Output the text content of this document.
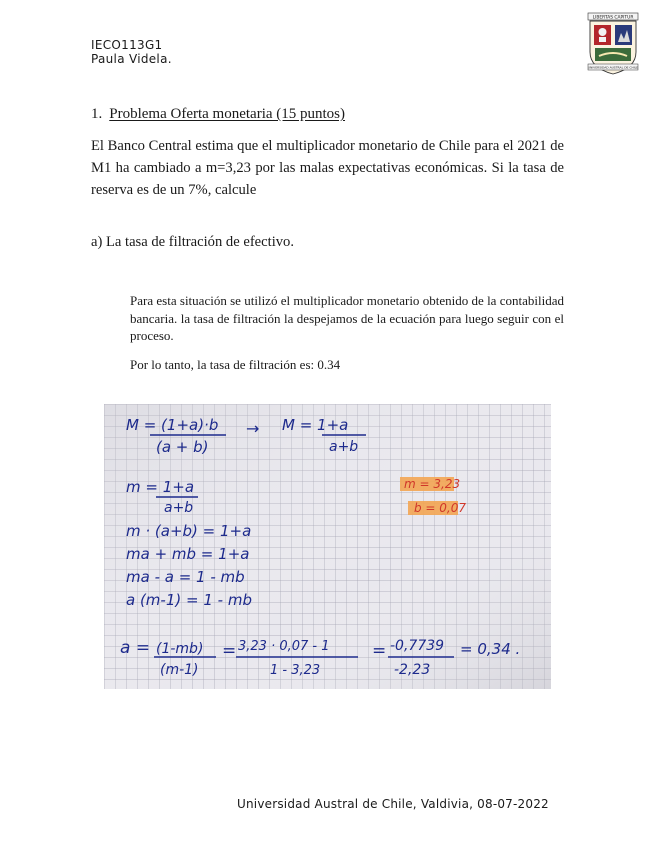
IECO113G1
Paula Videla.
LIBERTAS CAPITUR
UNIVERSIDAD AUSTRAL DE CHILE
1. Problema Oferta monetaria (15 puntos)
El Banco Central estima que el multiplicador monetario de Chile para el 2021 de M1 ha cambiado a m=3,23 por las malas expectativas económicas. Si la tasa de reserva es de un 7%, calcule
a) La tasa de filtración de efectivo.
Para esta situación se utilizó el multiplicador monetario obtenido de la contabilidad bancaria. la tasa de filtración la despejamos de la ecuación para luego seguir con el proceso.
Por lo tanto, la tasa de filtración es: 0.34
M = (1+a)·b
(a + b)
→ M = 1+a
a+b
m = 1+a
a+b
m · (a+b) = 1+a
ma + mb = 1+a
ma - a = 1 - mb
a (m-1) = 1 - mb
a = (1-mb)
(m-1)
= 3,23 · 0,07 - 1
1 - 3,23
= -0,7739
-2,23
= 0,34 .
m = 3,23
b = 0,07
Universidad Austral de Chile, Valdivia, 08-07-2022
